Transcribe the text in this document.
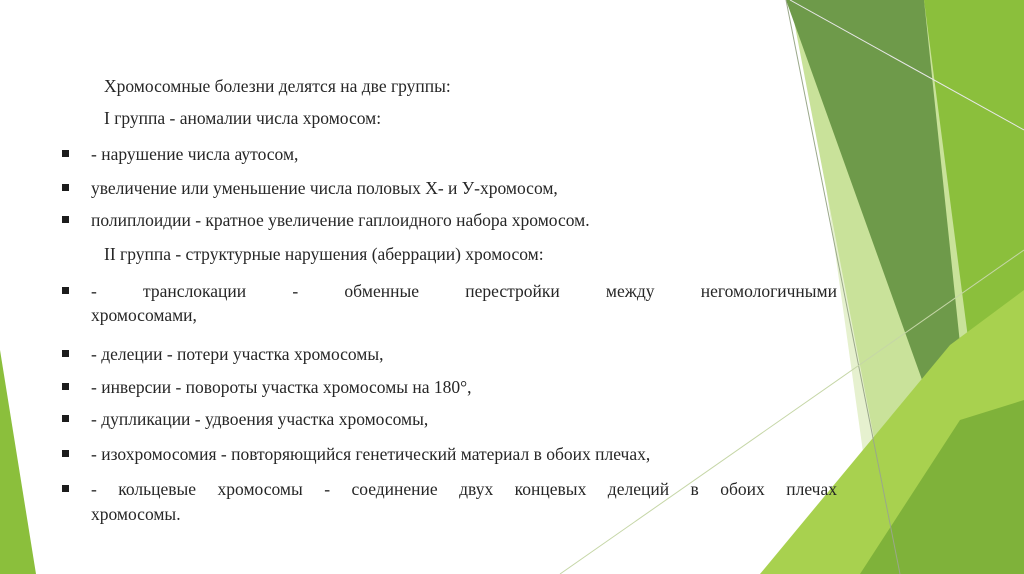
Хромосомные болезни делятся на две группы:
I группа - аномалии числа хромосом:
- нарушение числа аутосом,
увеличение или уменьшение числа половых Х- и У-хромосом,
полиплоидии - кратное увеличение гаплоидного набора хромосом.
II группа - структурные нарушения (аберрации) хромосом:
- транслокации - обменные перестройки между негомологичными
хромосомами,
- делеции - потери участка хромосомы,
- инверсии - повороты участка хромосомы на 180°,
- дупликации - удвоения участка хромосомы,
- изохромосомия - повторяющийся генетический материал в обоих плечах,
- кольцевые хромосомы - соединение двух концевых делеций в обоих плечах
хромосомы.
